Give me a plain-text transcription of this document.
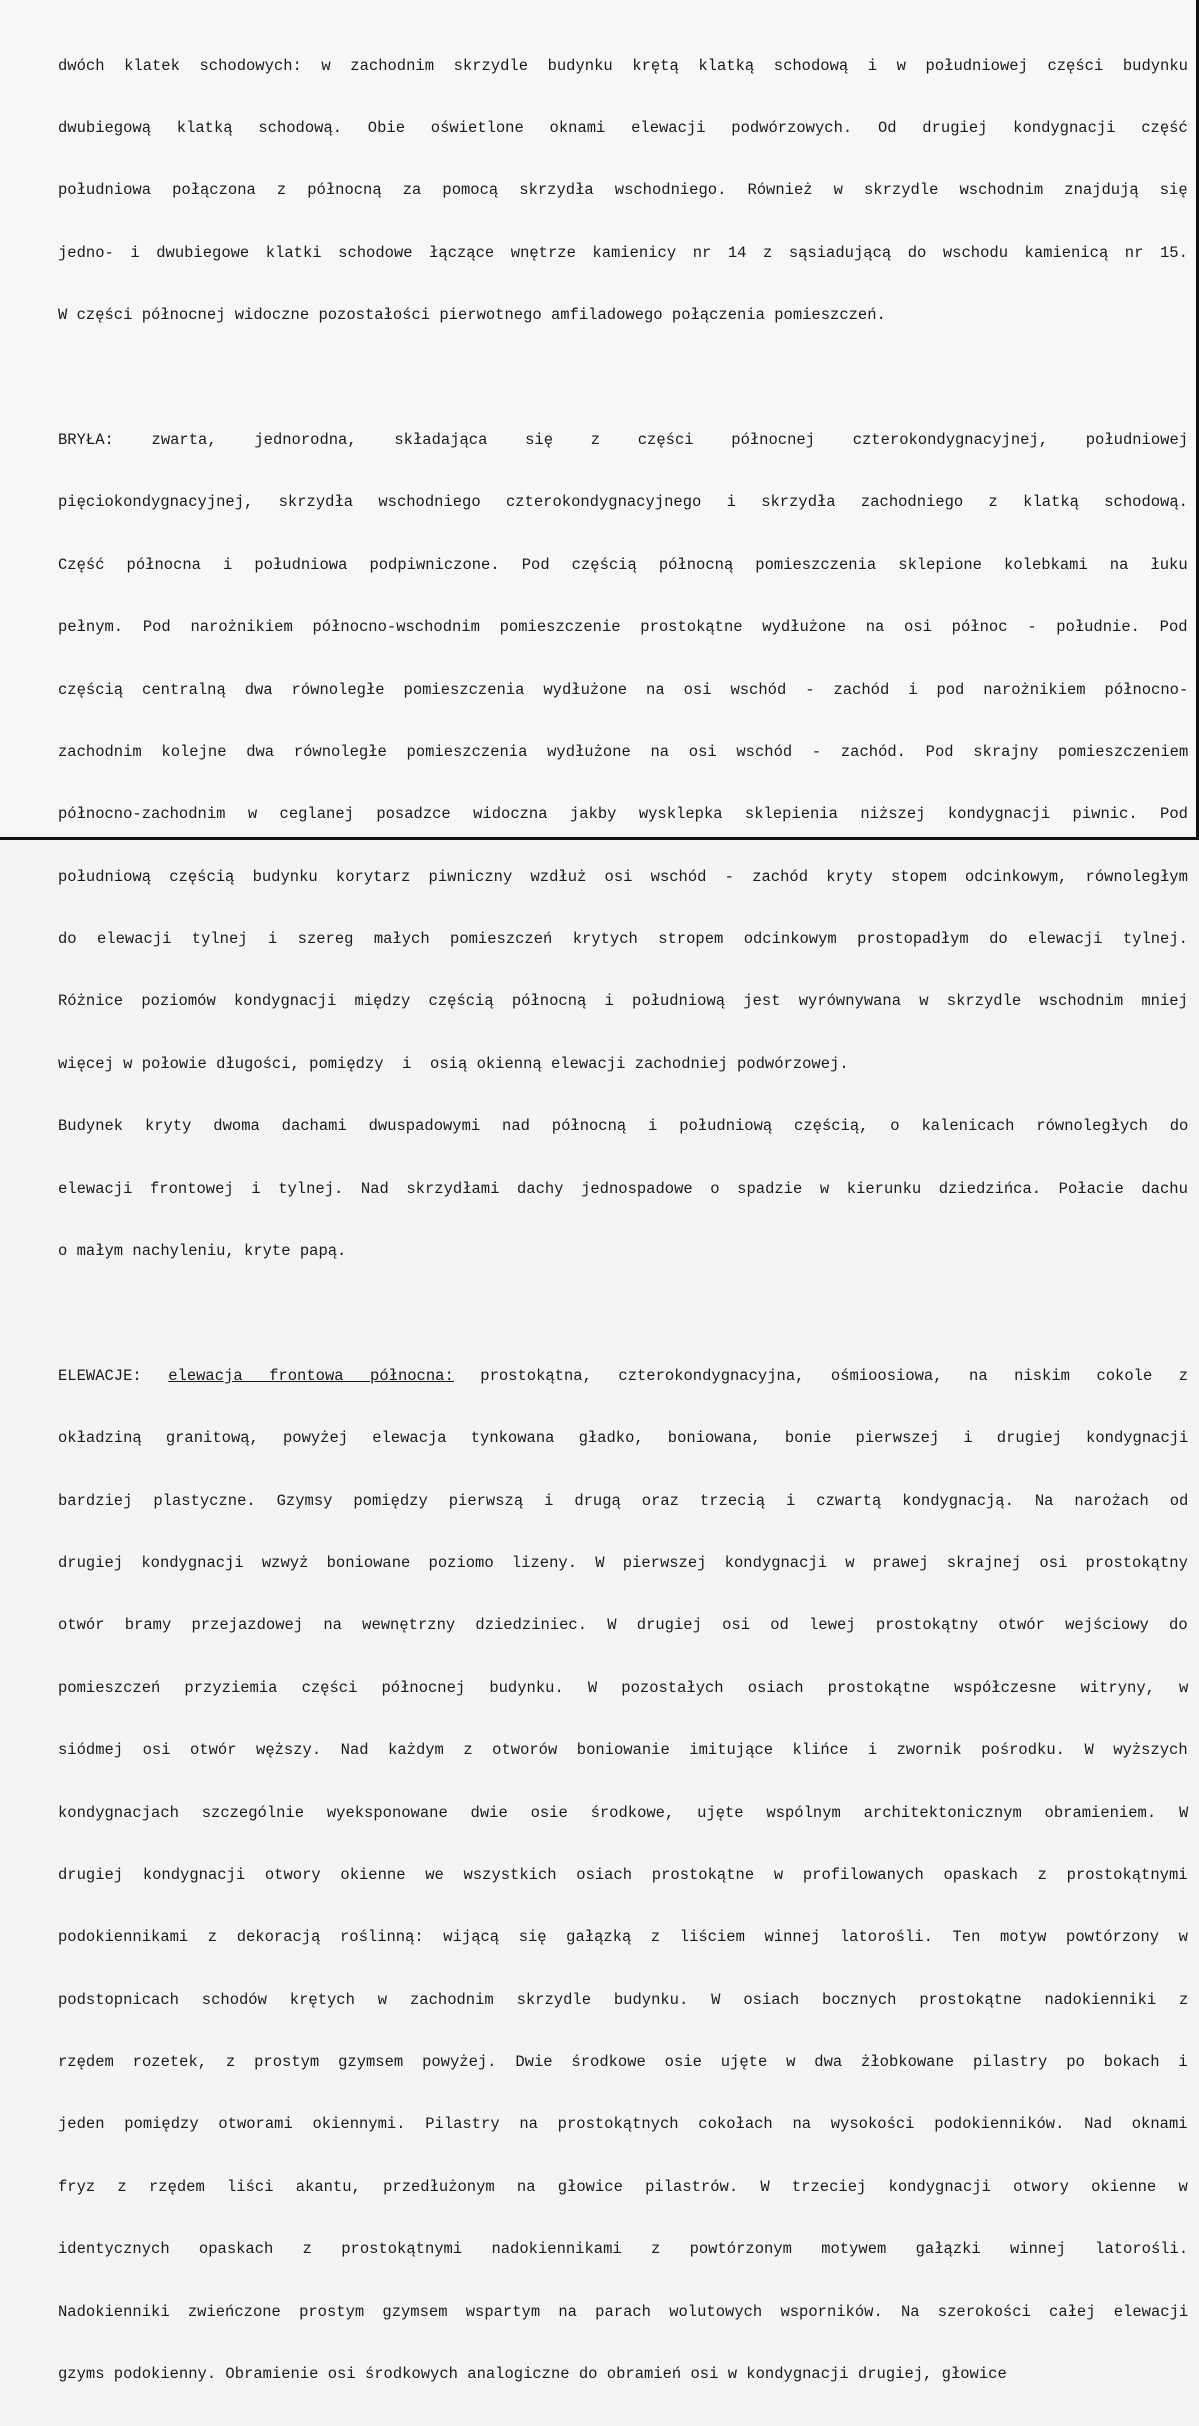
dwóch klatek schodowych: w zachodnim skrzydle budynku krętą klatką schodową i w południowej części budynku

dwubiegową klatką schodową. Obie oświetlone oknami elewacji podwórzowych. Od drugiej kondygnacji część

południowa połączona z północną za pomocą skrzydła wschodniego. Również w skrzydle wschodnim znajdują się

jedno- i dwubiegowe klatki schodowe łączące wnętrze kamienicy nr 14 z sąsiadującą do wschodu kamienicą nr 15.

W części północnej widoczne pozostałości pierwotnego amfiladowego połączenia pomieszczeń.

BRYŁA:  zwarta,  jednorodna,  składająca  się  z  części  północnej  czterokondygnacyjnej,  południowej

pięciokondygnacyjnej, skrzydła wschodniego czterokondygnacyjnego i skrzydła zachodniego z klatką schodową.

Część północna i południowa podpiwniczone. Pod częścią północną pomieszczenia sklepione kolebkami na łuku

pełnym. Pod narożnikiem północno-wschodnim pomieszczenie prostokątne wydłużone na osi północ - południe. Pod

częścią centralną dwa równoległe pomieszczenia wydłużone na osi wschód - zachód i pod narożnikiem północno-

zachodnim kolejne dwa równoległe pomieszczenia wydłużone na osi wschód - zachód. Pod skrajny pomieszczeniem

północno-zachodnim w ceglanej posadzce widoczna jakby wysklepka sklepienia niższej kondygnacji piwnic. Pod

południową częścią budynku korytarz piwniczny wzdłuż osi wschód - zachód kryty stopem odcinkowym, równoległym

do elewacji tylnej i szereg małych pomieszczeń krytych stropem odcinkowym prostopadłym do elewacji tylnej.

Różnice poziomów kondygnacji między częścią północną i południową jest wyrównywana w skrzydle wschodnim mniej

więcej w połowie długości, pomiędzy  i  osią okienną elewacji zachodniej podwórzowej.

Budynek kryty dwoma dachami dwuspadowymi nad północną i południową częścią, o kalenicach równoległych do

elewacji frontowej i tylnej. Nad skrzydłami dachy jednospadowe o spadzie w kierunku dziedzińca. Połacie dachu

o małym nachyleniu, kryte papą.

ELEWACJE: elewacja frontowa północna: prostokątna, czterokondygnacyjna, ośmioosiowa, na niskim cokole z

okładziną granitową, powyżej elewacja tynkowana gładko, boniowana, bonie pierwszej i drugiej kondygnacji

bardziej plastyczne. Gzymsy pomiędzy pierwszą i drugą oraz trzecią i czwartą kondygnacją. Na narożach od

drugiej kondygnacji wzwyż boniowane poziomo lizeny. W pierwszej kondygnacji w prawej skrajnej osi prostokątny

otwór bramy przejazdowej na wewnętrzny dziedziniec. W drugiej osi od lewej prostokątny otwór wejściowy do

pomieszczeń przyziemia części północnej budynku. W pozostałych osiach prostokątne współczesne witryny, w

siódmej osi otwór węższy. Nad każdym z otworów boniowanie imitujące klińce i zwornik pośrodku. W wyższych

kondygnacjach szczególnie wyeksponowane dwie osie środkowe, ujęte wspólnym architektonicznym obramieniem. W

drugiej kondygnacji otwory okienne we wszystkich osiach prostokątne w profilowanych opaskach z prostokątnymi

podokiennikami z dekoracją roślinną: wijącą się gałązką z liściem winnej latorośli. Ten motyw powtórzony w

podstopnicach schodów krętych w zachodnim skrzydle budynku. W osiach bocznych prostokątne nadokienniki z

rzędem rozetek, z prostym gzymsem powyżej. Dwie środkowe osie ujęte w dwa żłobkowane pilastry po bokach i

jeden pomiędzy otworami okiennymi. Pilastry na prostokątnych cokołach na wysokości podokienników. Nad oknami

fryz z rzędem liści akantu, przedłużonym na głowice pilastrów. W trzeciej kondygnacji otwory okienne w

identycznych opaskach z prostokątnymi nadokiennikami z powtórzonym motywem gałązki winnej latorośli.

Nadokienniki zwieńczone prostym gzymsem wspartym na parach wolutowych wsporników. Na szerokości całej elewacji

gzyms podokienny. Obramienie osi środkowych analogiczne do obramień osi w kondygnacji drugiej, głowice
